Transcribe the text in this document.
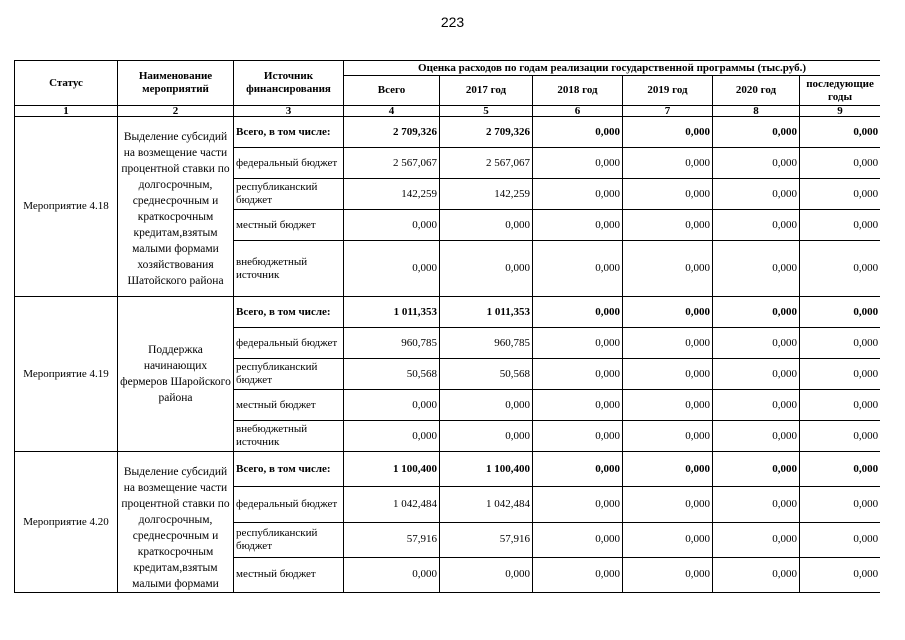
223
Статус	Наименование мероприятий	Источник финансирования	Оценка расходов по годам реализации государственной программы (тыс.руб.)					
			Всего	2017 год	2018 год	2019 год	2020 год	последующие годы
1	2	3	4	5	6	7	8	9
Мероприятие 4.18	Выделение субсидий на возмещение части процентной ставки по долгосрочным, среднесрочным и краткосрочным кредитам,взятым малыми формами хозяйствования Шатойского района	Всего, в том числе:	2 709,326	2 709,326	0,000	0,000	0,000	0,000
		федеральный бюджет	2 567,067	2 567,067	0,000	0,000	0,000	0,000
		республиканский бюджет	142,259	142,259	0,000	0,000	0,000	0,000
		местный бюджет	0,000	0,000	0,000	0,000	0,000	0,000
		внебюджетный источник	0,000	0,000	0,000	0,000	0,000	0,000
Мероприятие 4.19	Поддержка начинающих фермеров Шаройского района	Всего, в том числе:	1 011,353	1 011,353	0,000	0,000	0,000	0,000
		федеральный бюджет	960,785	960,785	0,000	0,000	0,000	0,000
		республиканский бюджет	50,568	50,568	0,000	0,000	0,000	0,000
		местный бюджет	0,000	0,000	0,000	0,000	0,000	0,000
		внебюджетный источник	0,000	0,000	0,000	0,000	0,000	0,000
Мероприятие 4.20	Выделение субсидий на возмещение части процентной ставки по долгосрочным, среднесрочным и краткосрочным кредитам,взятым малыми формами	Всего, в том числе:	1 100,400	1 100,400	0,000	0,000	0,000	0,000
		федеральный бюджет	1 042,484	1 042,484	0,000	0,000	0,000	0,000
		республиканский бюджет	57,916	57,916	0,000	0,000	0,000	0,000
		местный бюджет	0,000	0,000	0,000	0,000	0,000	0,000
